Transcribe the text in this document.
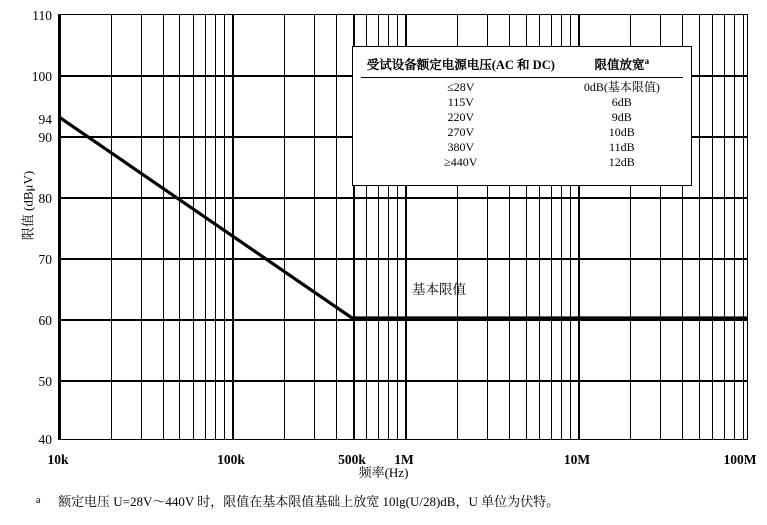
限值 (dBμV)
110
100
94
90
80
70
60
50
40
基本限值
10k	100k	500k 1M	10M	100M
频率(Hz)
受试设备额定电源电压(AC 和 DC)	限值放宽$^a$

≤28V	0dB(基本限值)
115V	6dB
220V	9dB
270V	10dB
380V	11dB
≥440V	12dB
a 额定电压 U=28V～440V 时，限值在基本限值基础上放宽 10lg(U/28)dB，U 单位为伏特。
